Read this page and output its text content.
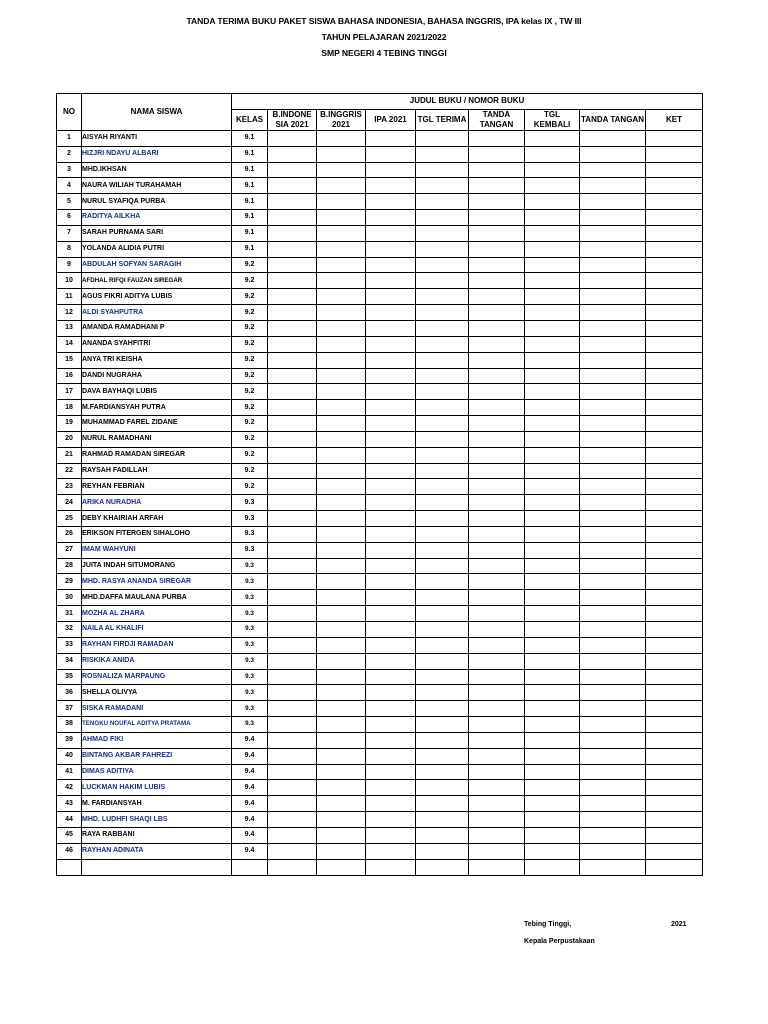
TANDA TERIMA BUKU PAKET SISWA BAHASA INDONESIA, BAHASA INGGRIS, IPA kelas IX , TW III
TAHUN PELAJARAN 2021/2022
SMP NEGERI 4 TEBING TINGGI
NO	NAMA SISWA	JUDUL BUKU / NOMOR BUKU								
		KELAS	B.INDONE SIA 2021	B.INGGRIS 2021	IPA 2021	TGL TERIMA	TANDA TANGAN	TGL KEMBALI	TANDA TANGAN	KET
1	AISYAH RIYANTI	9.1								
2	HIZJRI NDAYU ALBARI	9.1								
3	MHD.IKHSAN	9.1								
4	NAURA WILIAH TURAHAMAH	9.1								
5	NURUL SYAFIQA PURBA	9.1								
6	RADITYA AILKHA	9.1								
7	SARAH PURNAMA SARI	9.1								
8	YOLANDA ALIDIA PUTRI	9.1								
9	ABDULAH SOFYAN SARAGIH	9.2								
10	AFDHAL RIFQI FAUZAN SIREGAR	9.2								
11	AGUS FIKRI ADITYA LUBIS	9.2								
12	ALDI SYAHPUTRA	9.2								
13	AMANDA RAMADHANI P	9.2								
14	ANANDA SYAHFITRI	9.2								
15	ANYA TRI KEISHA	9.2								
16	DANDI NUGRAHA	9.2								
17	DAVA BAYHAQI LUBIS	9.2								
18	M.FARDIANSYAH PUTRA	9.2								
19	MUHAMMAD FAREL ZIDANE	9.2								
20	NURUL RAMADHANI	9.2								
21	RAHMAD RAMADAN SIREGAR	9.2								
22	RAYSAH FADILLAH	9.2								
23	REYHAN FEBRIAN	9.2								
24	ARIKA NURADHA	9.3								
25	DEBY KHAIRIAH ARFAH	9.3								
26	ERIKSON FITERGEN SIHALOHO	9.3								
27	IMAM WAHYUNI	9.3								
28	JUITA INDAH SITUMORANG	9.3								
29	MHD. RASYA ANANDA SIREGAR	9.3								
30	MHD.DAFFA MAULANA PURBA	9.3								
31	MOZHA AL ZHARA	9.3								
32	NAILA AL KHALIFI	9.3								
33	RAYHAN FIRDJI RAMADAN	9.3								
34	RISKIKA ANIDA	9.3								
35	ROSNALIZA MARPAUNG	9.3								
36	SHELLA OLIVYA	9.3								
37	SISKA RAMADANI	9.3								
38	TENGKU NOUFAL ADITYA PRATAMA	9.3								
39	AHMAD FIKI	9.4								
40	BINTANG AKBAR FAHREZI	9.4								
41	DIMAS ADITIYA	9.4								
42	LUCKMAN HAKIM LUBIS	9.4								
43	M. FARDIANSYAH	9.4								
44	MHD. LUDHFI SHAQI LBS	9.4								
45	RAYA RABBANI	9.4								
46	RAYHAN ADINATA	9.4								

Tebing Tinggi,	2021
Kepala Perpustakaan
